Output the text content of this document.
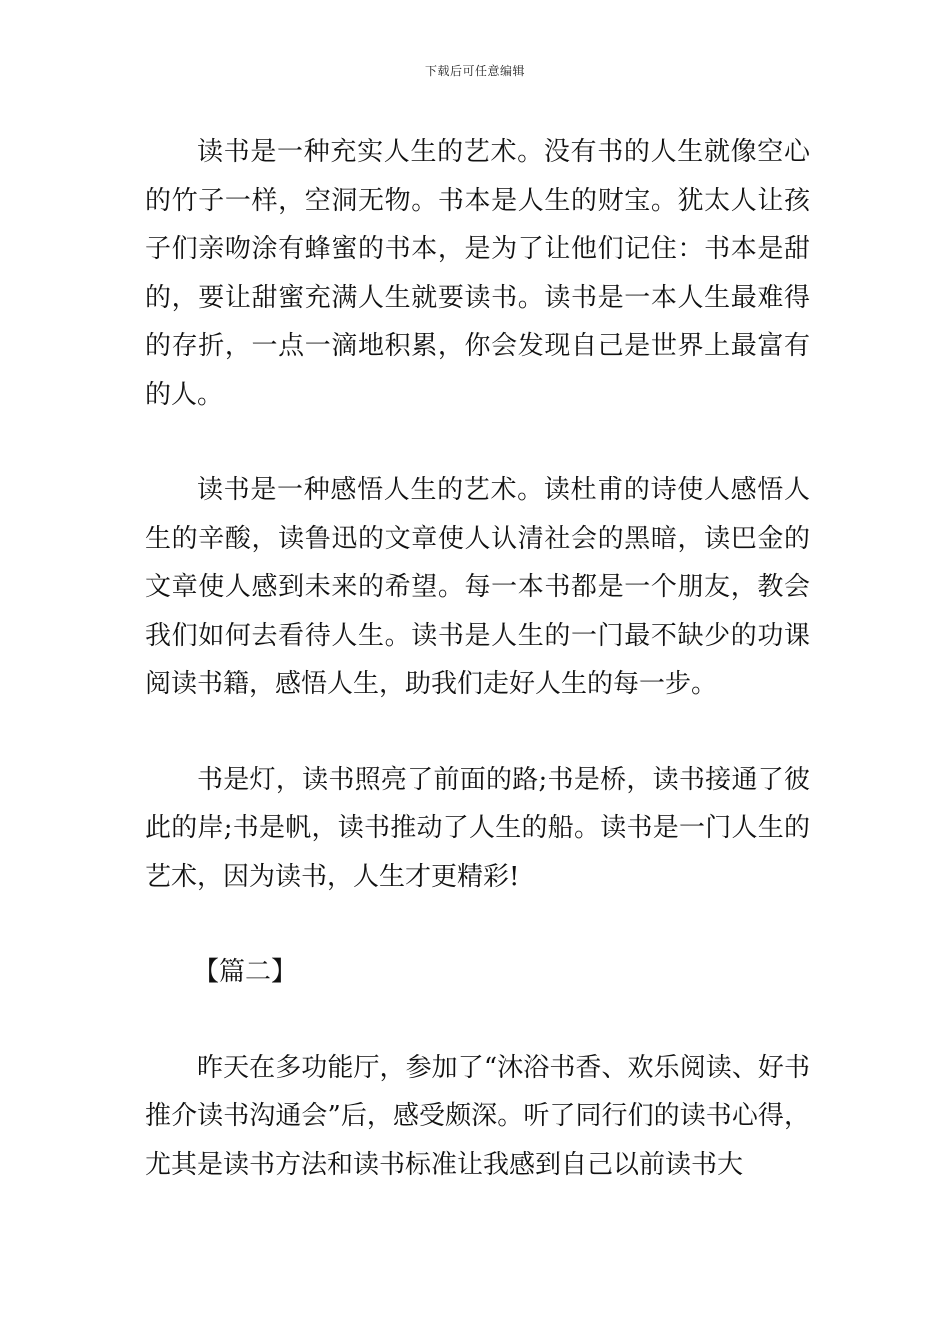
下载后可任意编辑

读书是一种充实人生的艺术。没有书的人生就像空心的竹子一样，空洞无物。书本是人生的财宝。犹太人让孩子们亲吻涂有蜂蜜的书本，是为了让他们记住：书本是甜的，要让甜蜜充满人生就要读书。读书是一本人生最难得的存折，一点一滴地积累，你会发现自己是世界上最富有的人。

读书是一种感悟人生的艺术。读杜甫的诗使人感悟人生的辛酸，读鲁迅的文章使人认清社会的黑暗，读巴金的文章使人感到未来的希望。每一本书都是一个朋友，教会我们如何去看待人生。读书是人生的一门最不缺少的功课阅读书籍，感悟人生，助我们走好人生的每一步。

书是灯，读书照亮了前面的路;书是桥，读书接通了彼此的岸;书是帆，读书推动了人生的船。读书是一门人生的艺术，因为读书，人生才更精彩!

【篇二】

昨天在多功能厅，参加了“沐浴书香、欢乐阅读、好书推介读书沟通会”后，感受颇深。听了同行们的读书心得，尤其是读书方法和读书标准让我感到自己以前读书大
